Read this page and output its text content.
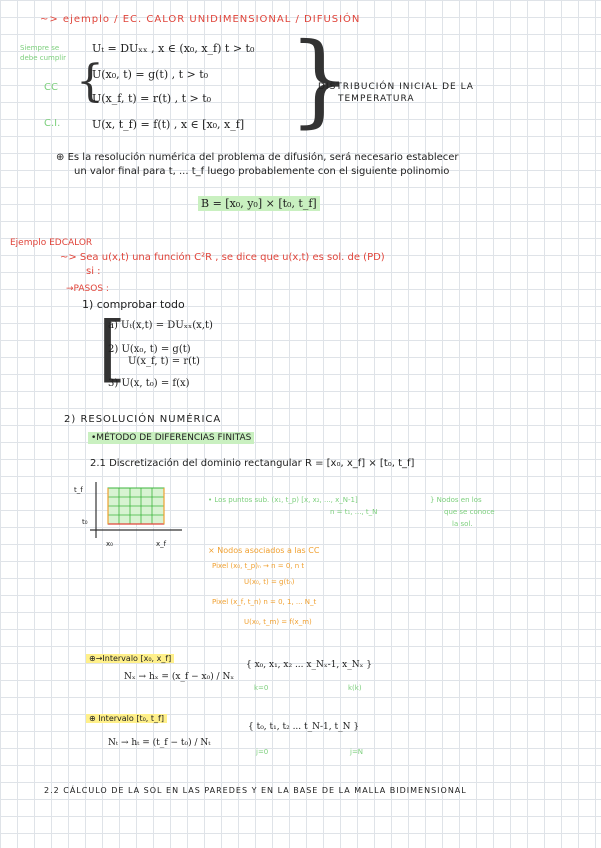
~> ejemplo / EC. CALOR UNIDIMENSIONAL / DIFUSIÓN
Siempre se
debe cumplir
CC
C.I.
{
Uₜ = DUₓₓ , x ∈ (x₀, x_f) t > t₀
U(x₀, t) = g(t) , t > t₀
U(x_f, t) = r(t) , t > t₀
U(x, t_f) = f(t) , x ∈ [x₀, x_f] }
DISTRIBUCIÓN INICIAL DE LA
TEMPERATURA
⊕ Es la resolución numérica del problema de difusión, será necesario establecer
un valor final para t, ... t_f luego probablemente con el siguiente polinomio
B = [x₀, y₀] × [t₀, t_f]
Ejemplo EDCALOR
~> Sea u(x,t) una función C²R , se dice que u(x,t) es sol. de (PD)
si :
→PASOS :
1) comprobar todo
[
a) Uₜ(x,t) = DUₓₓ(x,t)
2) U(x₀, t) = g(t)
U(x_f, t) = r(t)
3) U(x, t₀) = f(x)
2) RESOLUCIÓN NUMÉRICA
•MÉTODO DE DIFERENCIAS FINITAS
2.1 Discretización del dominio rectangular R = [x₀, x_f] × [t₀, t_f]
t_f
t₀
x₀	x_f
• Los puntos sub. (x₁, t_p) [x, x₂, ..., x_N-1]
n = t₁, ..., t_N
} Nodos en los
que se conoce
la sol.
× Nodos asociados a las CC
Pixel (x₀, t_p)ₙ → n = 0, n t
U(x₀, t) = g(tₙ)
Pixel (x_f, t_n) n = 0, 1, ... N_t
U(x₀, t_m) = f(x_m)
⊕→Intervalo [x₀, x_f]
Nₓ → hₓ = (x_f − x₀) / Nₓ
{ x₀, x₁, x₂ ... x_Nₓ-1, x_Nₓ }
k=0	k(k)
⊕ Intervalo [t₀, t_f]
Nₜ → hₜ = (t_f − t₀) / Nₜ
{ t₀, t₁, t₂ ... t_N-1, t_N }
j=0	j=N
2.2 CÁLCULO DE LA SOL EN LAS PAREDES Y EN LA BASE DE LA MALLA BIDIMENSIONAL
